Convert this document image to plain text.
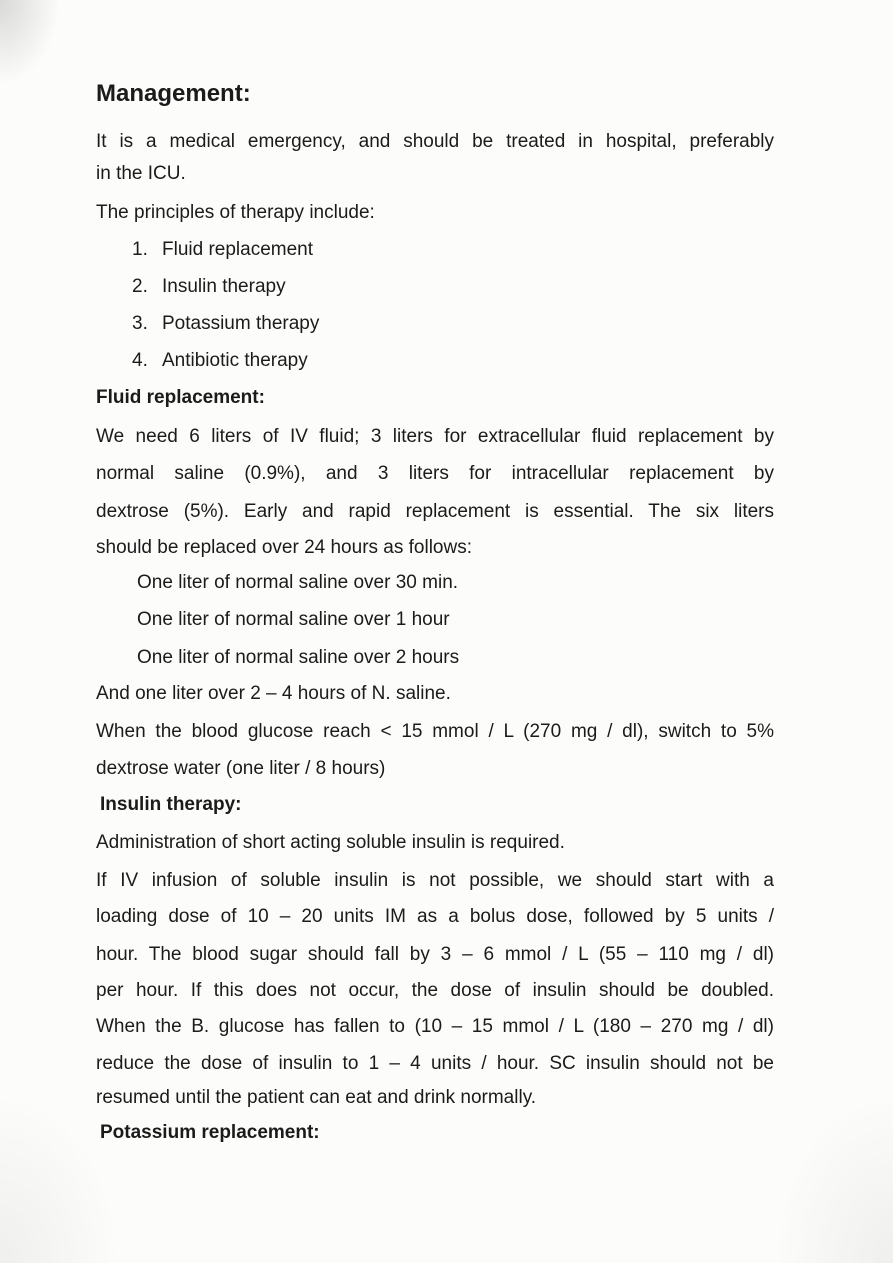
Management:
It is a medical emergency, and should be treated in hospital, preferably
in the ICU.
The principles of therapy include:
1. Fluid replacement
2. Insulin therapy
3. Potassium therapy
4. Antibiotic therapy
Fluid replacement:
We need 6 liters of IV fluid; 3 liters for extracellular fluid replacement by
normal saline (0.9%), and 3 liters for intracellular replacement by
dextrose (5%). Early and rapid replacement is essential. The six liters
should be replaced over 24 hours as follows:
One liter of normal saline over 30 min.
One liter of normal saline over 1 hour
One liter of normal saline over 2 hours
And one liter over 2 – 4 hours of N. saline.
When the blood glucose reach < 15 mmol / L (270 mg / dl), switch to 5%
dextrose water (one liter / 8 hours)
Insulin therapy:
Administration of short acting soluble insulin is required.
If IV infusion of soluble insulin is not possible, we should start with a
loading dose of 10 – 20 units IM as a bolus dose, followed by 5 units /
hour. The blood sugar should fall by 3 – 6 mmol / L (55 – 110 mg / dl)
per hour. If this does not occur, the dose of insulin should be doubled.
When the B. glucose has fallen to (10 – 15 mmol / L (180 – 270 mg / dl)
reduce the dose of insulin to 1 – 4 units / hour. SC insulin should not be
resumed until the patient can eat and drink normally.
Potassium replacement:
